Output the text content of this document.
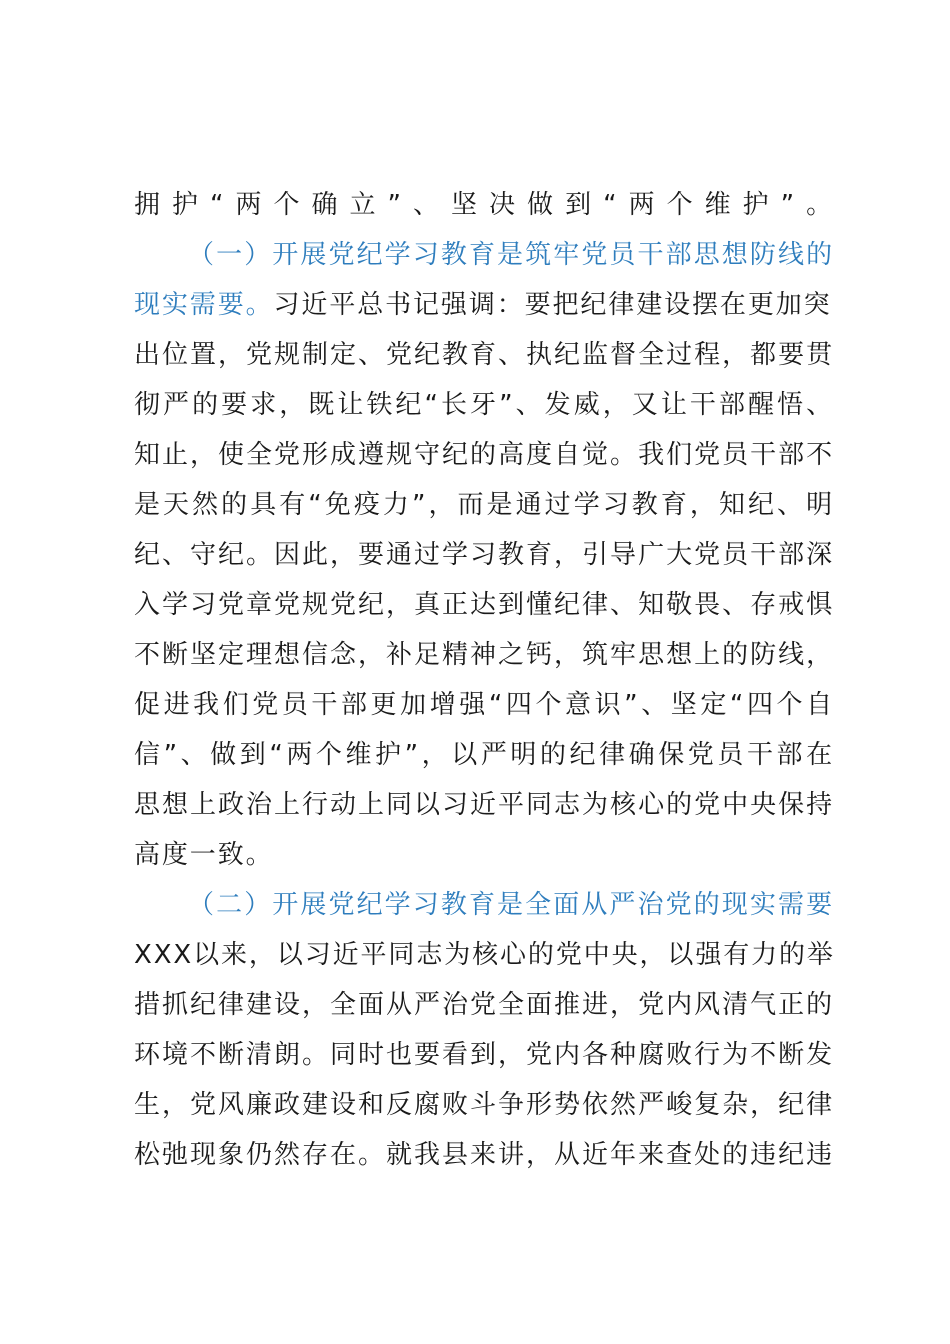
拥护“两个确立”、坚决做到“两个维护”。
（一）开展党纪学习教育是筑牢党员干部思想防线的
现实需要。习近平总书记强调：要把纪律建设摆在更加突
出位置，党规制定、党纪教育、执纪监督全过程，都要贯
彻严的要求，既让铁纪“长牙”、发威，又让干部醒悟、
知止，使全党形成遵规守纪的高度自觉。我们党员干部不
是天然的具有“免疫力”，而是通过学习教育，知纪、明
纪、守纪。因此，要通过学习教育，引导广大党员干部深
入学习党章党规党纪，真正达到懂纪律、知敬畏、存戒惧
不断坚定理想信念，补足精神之钙，筑牢思想上的防线，
促进我们党员干部更加增强“四个意识”、坚定“四个自
信”、做到“两个维护”，以严明的纪律确保党员干部在
思想上政治上行动上同以习近平同志为核心的党中央保持
高度一致。
（二）开展党纪学习教育是全面从严治党的现实需要
XXX以来，以习近平同志为核心的党中央，以强有力的举
措抓纪律建设，全面从严治党全面推进，党内风清气正的
环境不断清朗。同时也要看到，党内各种腐败行为不断发
生，党风廉政建设和反腐败斗争形势依然严峻复杂，纪律
松弛现象仍然存在。就我县来讲，从近年来查处的违纪违
